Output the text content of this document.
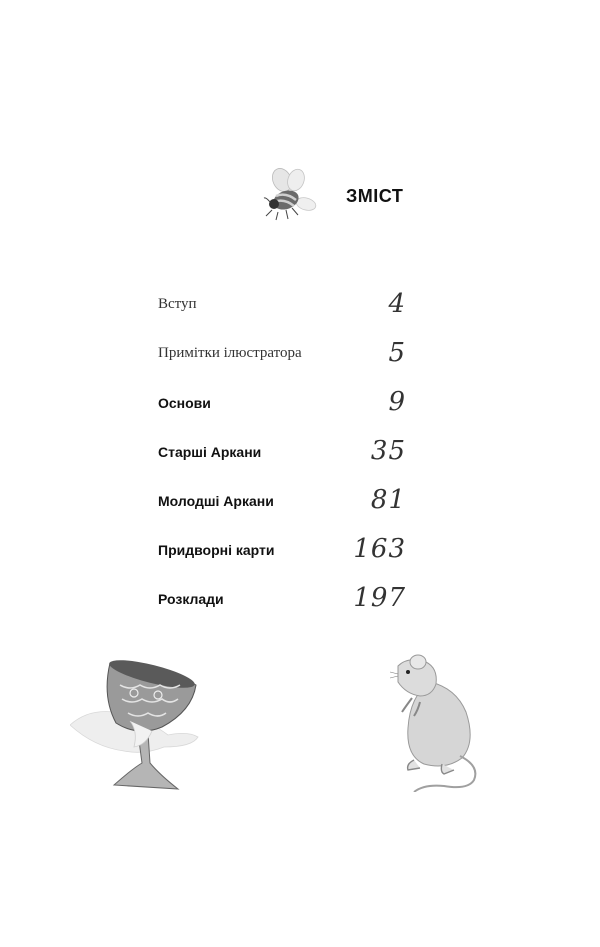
ЗМІСТ
Вступ	4
Примітки ілюстратора	5
Основи	9
Старші Аркани	35
Молодші Аркани	81
Придворні карти	163
Розклади	197
